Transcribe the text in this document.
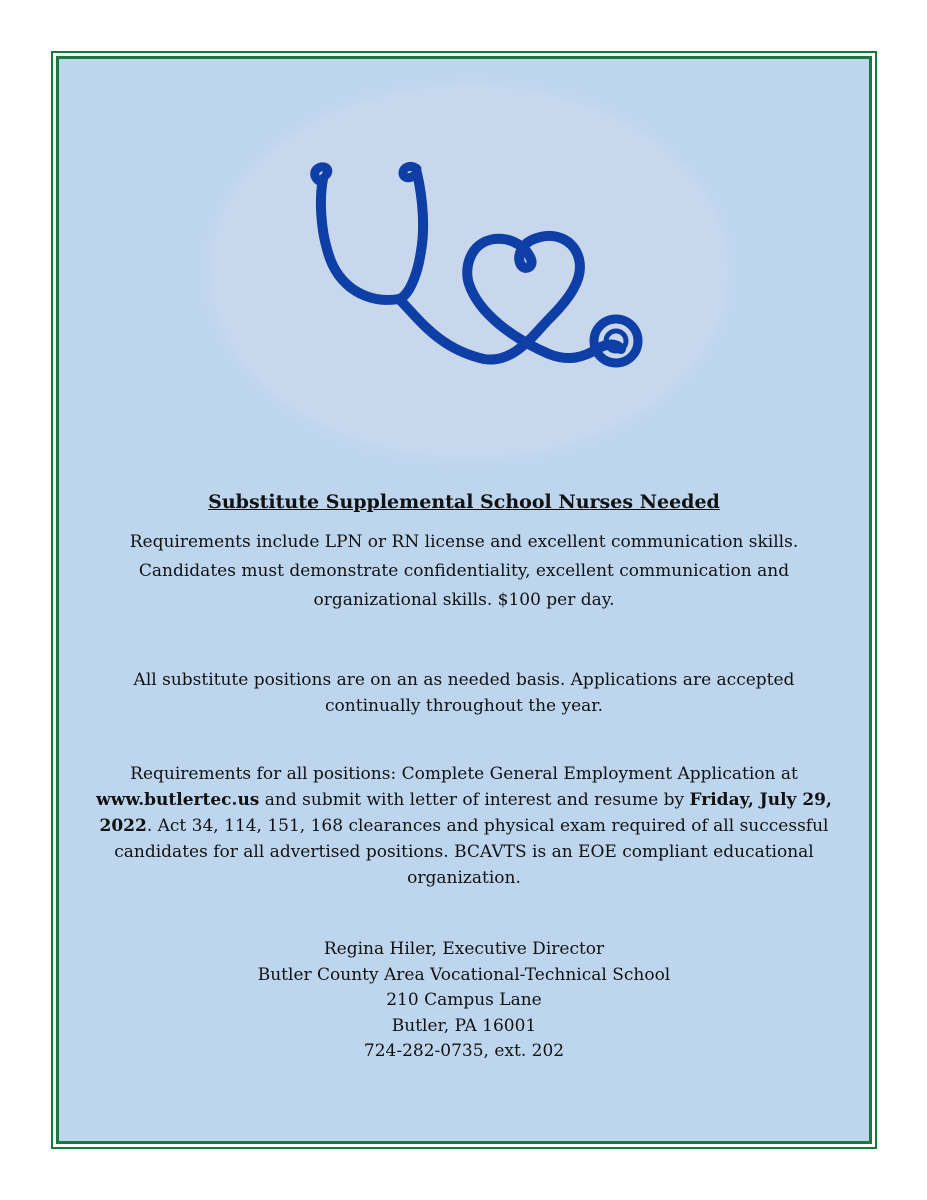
Substitute Supplemental School Nurses Needed

Requirements include LPN or RN license and excellent communication skills. Candidates must demonstrate confidentiality, excellent communication and organizational skills. $100 per day.

All substitute positions are on an as needed basis. Applications are accepted continually throughout the year.

Requirements for all positions: Complete General Employment Application at www.butlertec.us and submit with letter of interest and resume by Friday, July 29, 2022. Act 34, 114, 151, 168 clearances and physical exam required of all successful candidates for all advertised positions. BCAVTS is an EOE compliant educational organization.

Regina Hiler, Executive Director
Butler County Area Vocational-Technical School
210 Campus Lane
Butler, PA 16001
724-282-0735, ext. 202
